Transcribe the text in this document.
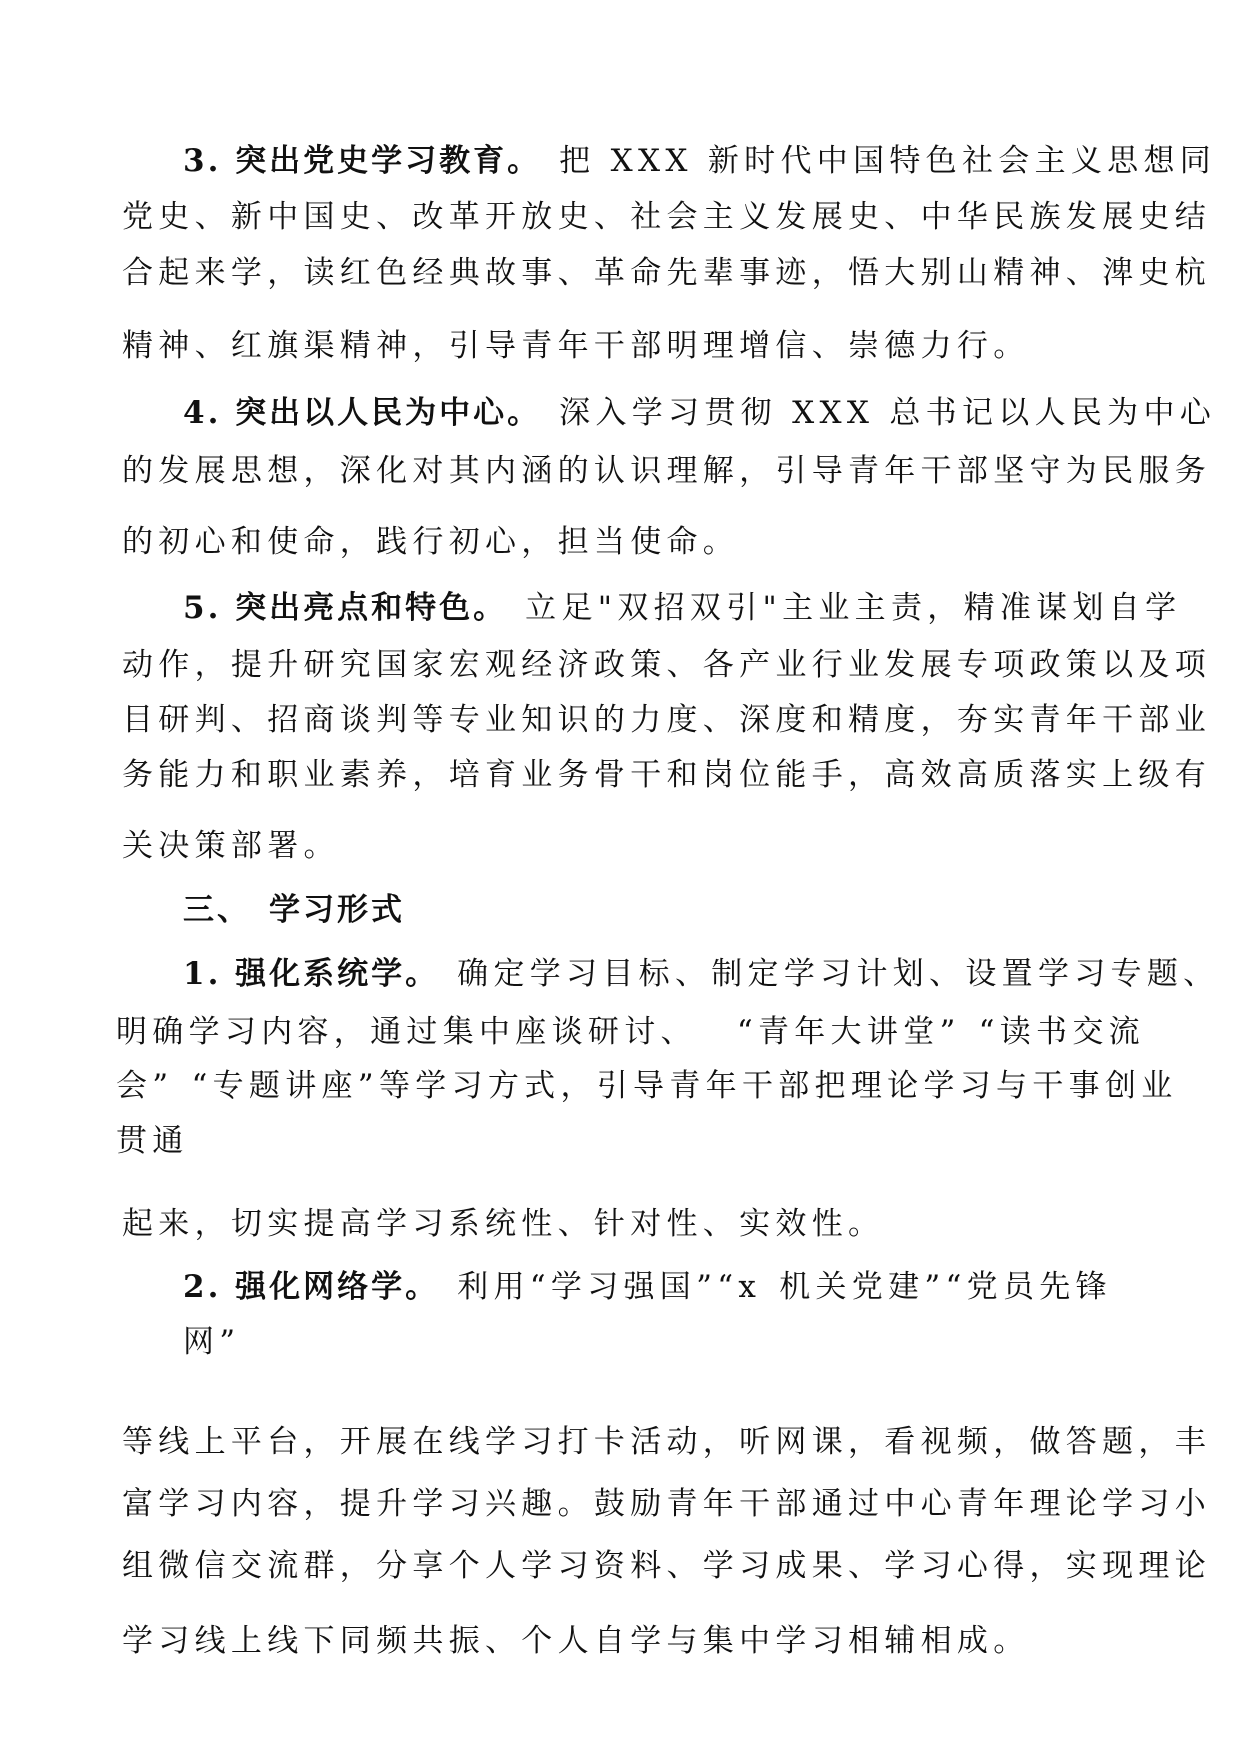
3. 突出党史学习教育。 把 XXX 新时代中国特色社会主义思想同
党史、新中国史、改革开放史、社会主义发展史、中华民族发展史结
合起来学，读红色经典故事、革命先辈事迹，悟大别山精神、渒史杭
精神、红旗渠精神，引导青年干部明理增信、崇德力行。
4. 突出以人民为中心。 深入学习贯彻 XXX 总书记以人民为中心
的发展思想，深化对其内涵的认识理解，引导青年干部坚守为民服务
的初心和使命，践行初心，担当使命。
5. 突出亮点和特色。 立足"双招双引"主业主责，精准谋划自学
动作，提升研究国家宏观经济政策、各产业行业发展专项政策以及项
目研判、招商谈判等专业知识的力度、深度和精度，夯实青年干部业
务能力和职业素养，培育业务骨干和岗位能手，高效高质落实上级有
关决策部署。
三、 学习形式
1. 强化系统学。 确定学习目标、制定学习计划、设置学习专题、
明确学习内容，通过集中座谈研讨、 “青年大讲堂” “读书交流
会” “专题讲座”等学习方式，引导青年干部把理论学习与干事创业
贯通
起来，切实提高学习系统性、针对性、实效性。
2. 强化网络学。 利用“学习强国”“x 机关党建”“党员先锋
网”
等线上平台，开展在线学习打卡活动，听网课，看视频，做答题，丰
富学习内容，提升学习兴趣。鼓励青年干部通过中心青年理论学习小
组微信交流群，分享个人学习资料、学习成果、学习心得，实现理论
学习线上线下同频共振、个人自学与集中学习相辅相成。
